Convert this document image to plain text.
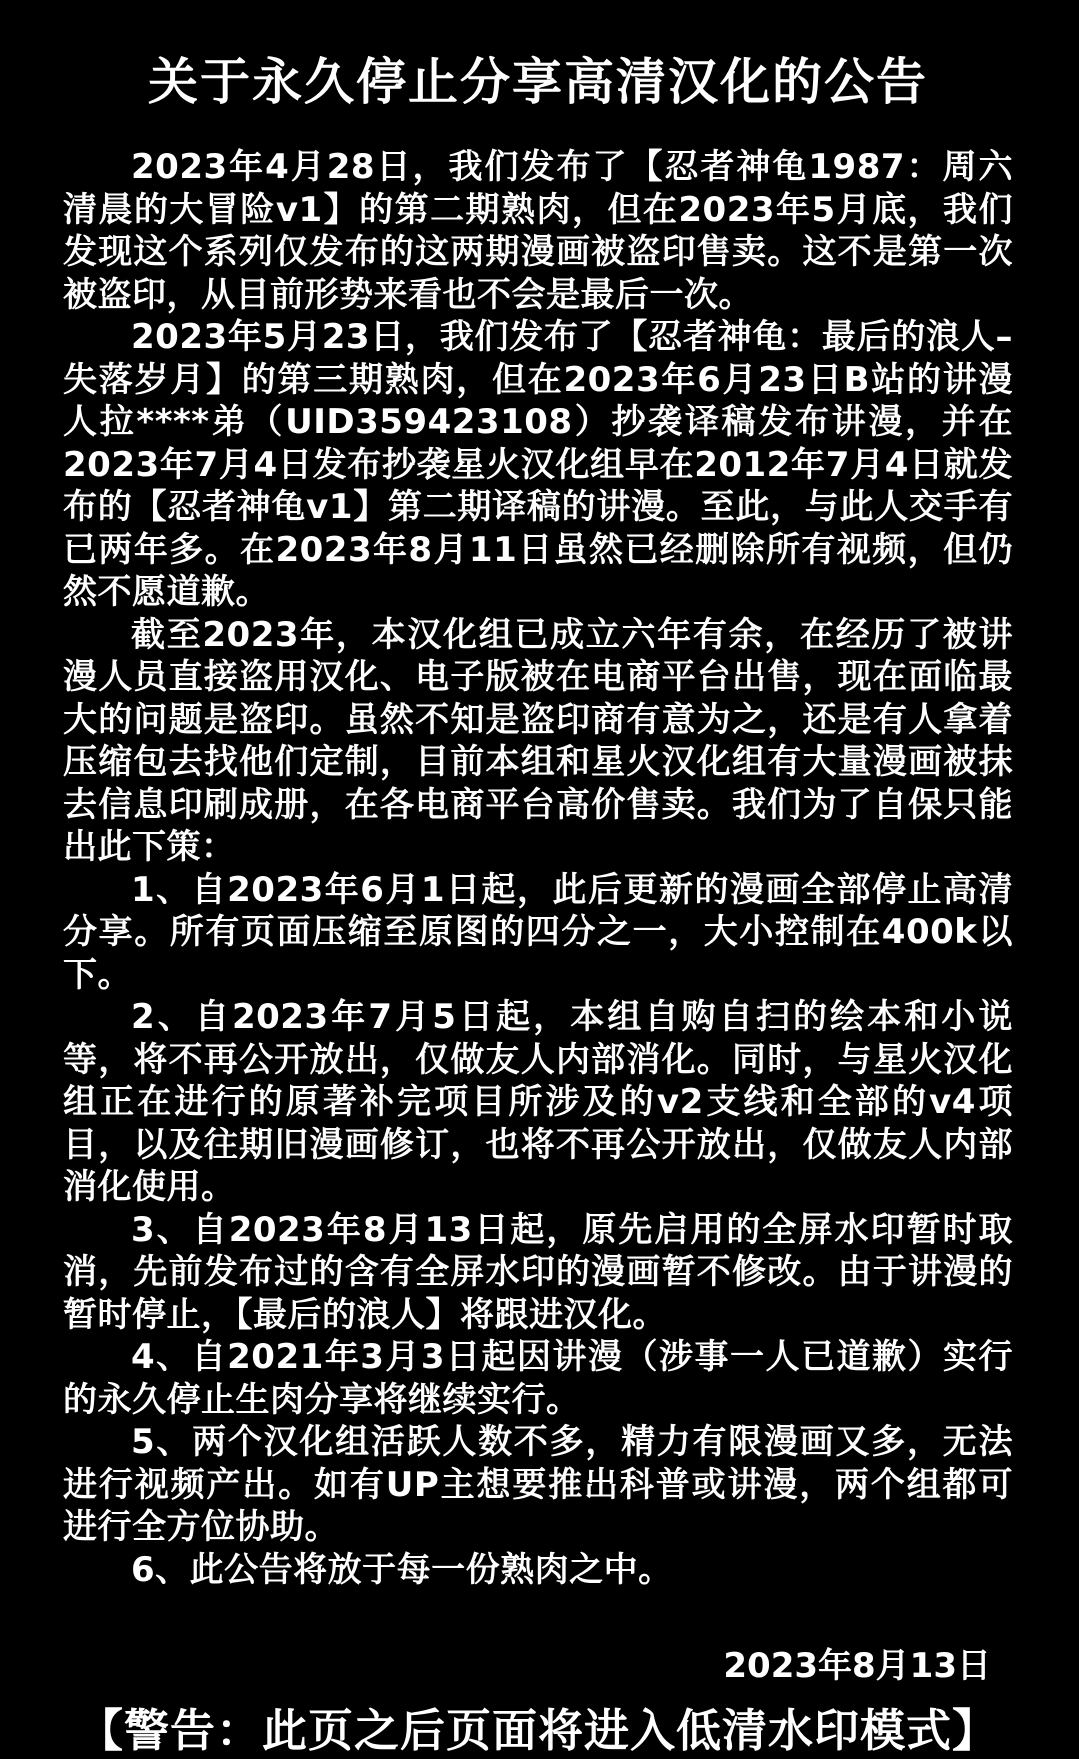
关于永久停止分享高清汉化的公告

2023年4月28日，我们发布了【忍者神龟1987：周六清晨的大冒险v1】的第二期熟肉，但在2023年5月底，我们发现这个系列仅发布的这两期漫画被盗印售卖。这不是第一次被盗印，从目前形势来看也不会是最后一次。

2023年5月23日，我们发布了【忍者神龟：最后的浪人–失落岁月】的第三期熟肉，但在2023年6月23日B站的讲漫人拉****弟（UID359423108）抄袭译稿发布讲漫，并在2023年7月4日发布抄袭星火汉化组早在2012年7月4日就发布的【忍者神龟v1】第二期译稿的讲漫。至此，与此人交手有已两年多。在2023年8月11日虽然已经删除所有视频，但仍然不愿道歉。

截至2023年，本汉化组已成立六年有余，在经历了被讲漫人员直接盗用汉化、电子版被在电商平台出售，现在面临最大的问题是盗印。虽然不知是盗印商有意为之，还是有人拿着压缩包去找他们定制，目前本组和星火汉化组有大量漫画被抹去信息印刷成册，在各电商平台高价售卖。我们为了自保只能出此下策：

1、自2023年6月1日起，此后更新的漫画全部停止高清分享。所有页面压缩至原图的四分之一，大小控制在400k以下。

2、自2023年7月5日起，本组自购自扫的绘本和小说等，将不再公开放出，仅做友人内部消化。同时，与星火汉化组正在进行的原著补完项目所涉及的v2支线和全部的v4项目，以及往期旧漫画修订，也将不再公开放出，仅做友人内部消化使用。

3、自2023年8月13日起，原先启用的全屏水印暂时取消，先前发布过的含有全屏水印的漫画暂不修改。由于讲漫的暂时停止，【最后的浪人】将跟进汉化。

4、自2021年3月3日起因讲漫（涉事一人已道歉）实行的永久停止生肉分享将继续实行。

5、两个汉化组活跃人数不多，精力有限漫画又多，无法进行视频产出。如有UP主想要推出科普或讲漫，两个组都可进行全方位协助。

6、此公告将放于每一份熟肉之中。

2023年8月13日
【警告：此页之后页面将进入低清水印模式】
